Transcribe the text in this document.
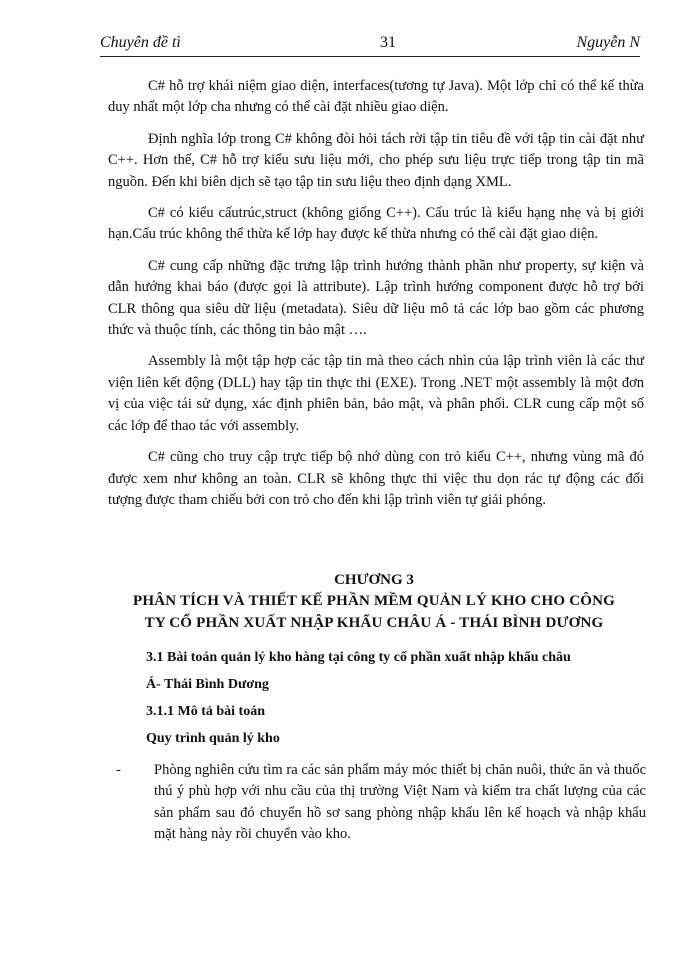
Chuyên đề tì	31	Nguyễn N

C# hỗ trợ khái niệm giao diện, interfaces(tương tự Java). Một lớp chỉ có thể kế thừa duy nhất một lớp cha nhưng có thể cài đặt nhiều giao diện.

Định nghĩa lớp trong C# không đòi hỏi tách rời tập tin tiêu đề với tập tin cài đặt như C++. Hơn thế, C# hỗ trợ kiểu sưu liệu mới, cho phép sưu liệu trực tiếp trong tập tin mã nguồn. Đến khi biên dịch sẽ tạo tập tin sưu liệu theo định dạng XML.

C# có kiểu cấutrúc,struct (không giống C++). Cấu trúc là kiểu hạng nhẹ và bị giới hạn.Cấu trúc không thể thừa kế lớp hay được kế thừa nhưng có thể cài đặt giao diện.

C# cung cấp những đặc trưng lập trình hướng thành phần như property, sự kiện và dẫn hướng khai báo (được gọi là attribute). Lập trình hướng component được hỗ trợ bởi CLR thông qua siêu dữ liệu (metadata). Siêu dữ liệu mô tả các lớp bao gồm các phương thức và thuộc tính, các thông tin bảo mật ….

Assembly là một tập hợp các tập tin mà theo cách nhìn của lập trình viên là các thư viện liên kết động (DLL) hay tập tin thực thi (EXE). Trong .NET một assembly là một đơn vị của việc tái sử dụng, xác định phiên bản, bảo mật, và phân phối. CLR cung cấp một số các lớp để thao tác với assembly.

C# cũng cho truy cập trực tiếp bộ nhớ dùng con trỏ kiểu C++, nhưng vùng mã đó được xem như không an toàn. CLR sẽ không thực thi việc thu dọn rác tự động các đối tượng được tham chiếu bởi con trỏ cho đến khi lập trình viên tự giải phóng.

CHƯƠNG 3
PHÂN TÍCH VÀ THIẾT KẾ PHẦN MỀM QUẢN LÝ KHO CHO CÔNG
TY CỔ PHẦN XUẤT NHẬP KHẨU CHÂU Á - THÁI BÌNH DƯƠNG
3.1 Bài toán quản lý kho hàng tại công ty cổ phần xuất nhập khẩu châu
Á- Thái Bình Dương
3.1.1 Mô tả bài toán
Quy trình quản lý kho
-	Phòng nghiên cứu tìm ra các sản phẩm máy móc thiết bị chăn nuôi, thức ăn và thuốc thú ý phù hợp với nhu cầu của thị trường Việt Nam và kiểm tra chất lượng của các sản phẩm sau đó chuyển hồ sơ sang phòng nhập khẩu lên kế hoạch và nhập khẩu mặt hàng này rồi chuyển vào kho.
